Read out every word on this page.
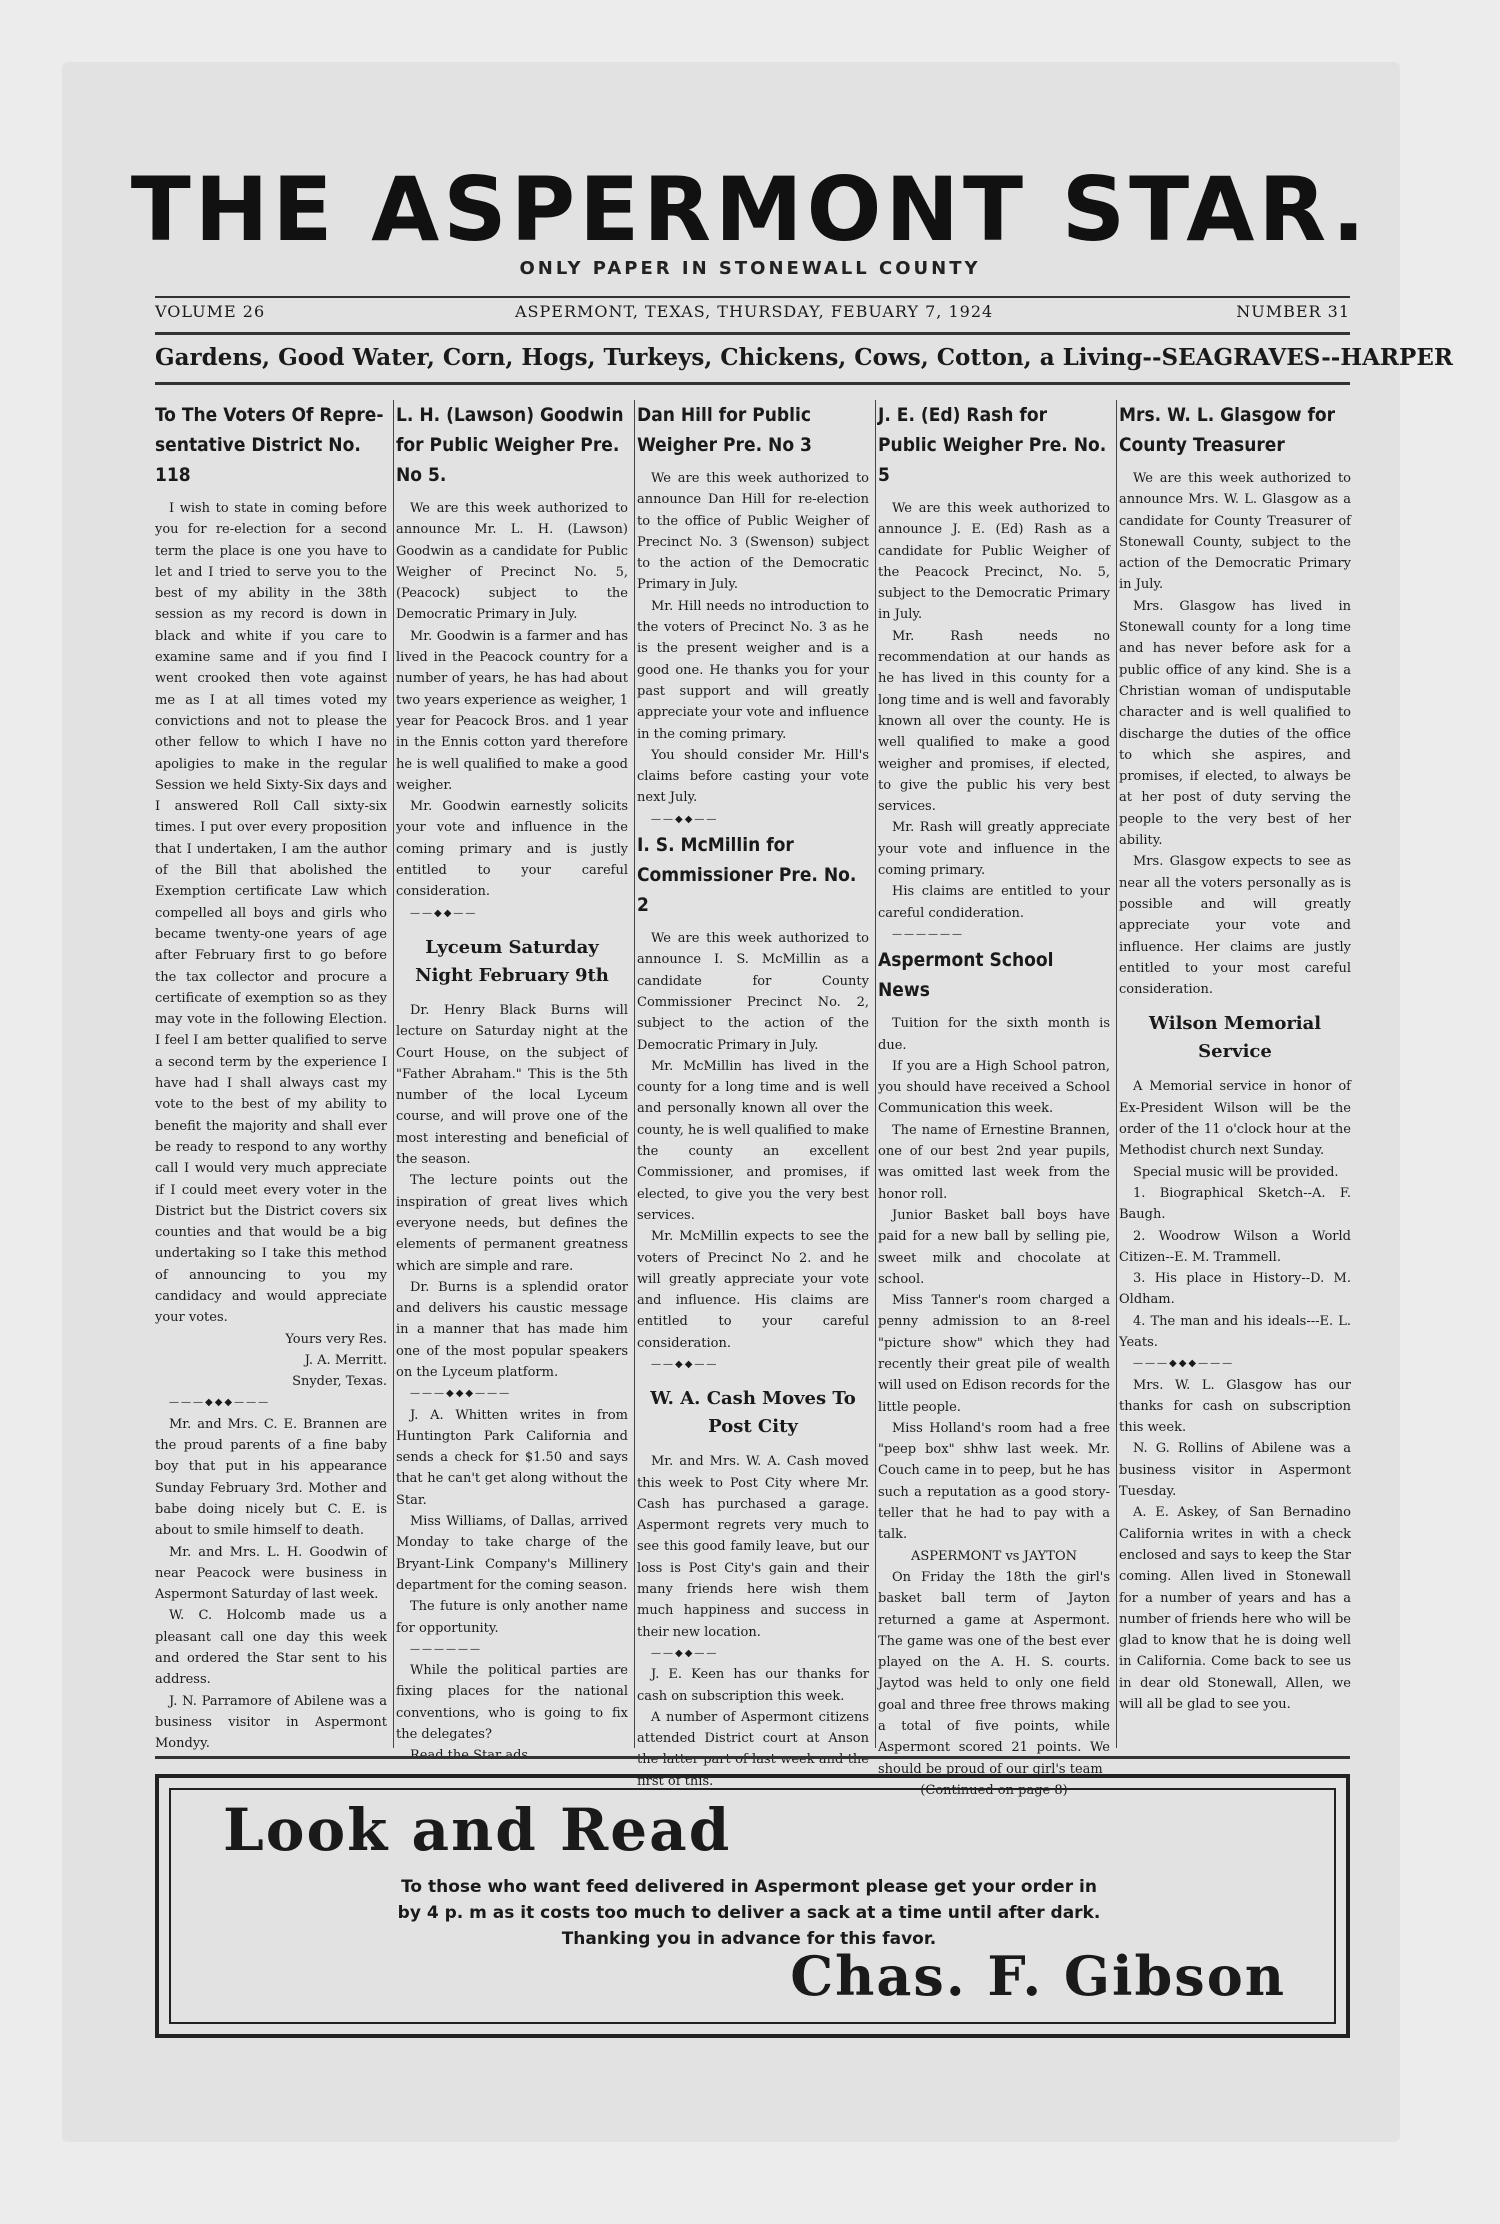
THE ASPERMONT STAR.
ONLY PAPER IN STONEWALL COUNTY
VOLUME 26	ASPERMONT, TEXAS, THURSDAY, FEBUARY 7, 1924	NUMBER 31
Gardens, Good Water, Corn, Hogs, Turkeys, Chickens, Cows, Cotton, a Living--SEAGRAVES--HARPER
To The Voters Of Repre- sentative District No. 118

I wish to state in coming before you for re-election for a second term the place is one you have to let and I tried to serve you to the best of my ability in the 38th session as my record is down in black and white if you care to examine same and if you find I went crooked then vote against me as I at all times voted my convictions and not to please the other fellow to which I have no apoligies to make in the regular Session we held Sixty-Six days and I answered Roll Call sixty-six times. I put over every proposition that I undertaken, I am the author of the Bill that abolished the Exemption certificate Law which compelled all boys and girls who became twenty-one years of age after February first to go before the tax collector and procure a certificate of exemption so as they may vote in the following Election. I feel I am better qualified to serve a second term by the experience I have had I shall always cast my vote to the best of my ability to benefit the majority and shall ever be ready to respond to any worthy call I would very much appreciate if I could meet every voter in the District but the District covers six counties and that would be a big undertaking so I take this method of announcing to you my candidacy and would appreciate your votes.

Yours very Res.

J. A. Merritt.

Snyder, Texas.

———◆◆◆———

Mr. and Mrs. C. E. Brannen are the proud parents of a fine baby boy that put in his appearance Sunday February 3rd. Mother and babe doing nicely but C. E. is about to smile himself to death.

Mr. and Mrs. L. H. Goodwin of near Peacock were business in Aspermont Saturday of last week.

W. C. Holcomb made us a pleasant call one day this week and ordered the Star sent to his address.

J. N. Parramore of Abilene was a business visitor in Aspermont Mondyy.

L. H. (Lawson) Goodwin for Public Weigher Pre. No 5.

We are this week authorized to announce Mr. L. H. (Lawson) Goodwin as a candidate for Public Weigher of Precinct No. 5, (Peacock) subject to the Democratic Primary in July.

Mr. Goodwin is a farmer and has lived in the Peacock country for a number of years, he has had about two years experience as weigher, 1 year for Peacock Bros. and 1 year in the Ennis cotton yard therefore he is well qualified to make a good weigher.

Mr. Goodwin earnestly solicits your vote and influence in the coming primary and is justly entitled to your careful consideration.

——◆◆——

Lyceum Saturday Night February 9th

Dr. Henry Black Burns will lecture on Saturday night at the Court House, on the subject of "Father Abraham." This is the 5th number of the local Lyceum course, and will prove one of the most interesting and beneficial of the season.

The lecture points out the inspiration of great lives which everyone needs, but defines the elements of permanent greatness which are simple and rare.

Dr. Burns is a splendid orator and delivers his caustic message in a manner that has made him one of the most popular speakers on the Lyceum platform.

———◆◆◆———

J. A. Whitten writes in from Huntington Park California and sends a check for $1.50 and says that he can't get along without the Star.

Miss Williams, of Dallas, arrived Monday to take charge of the Bryant-Link Company's Millinery department for the coming season.

The future is only another name for opportunity.

——————

While the political parties are fixing places for the national conventions, who is going to fix the delegates?

Read the Star ads.

Dan Hill for Public Weigher Pre. No 3

We are this week authorized to announce Dan Hill for re-election to the office of Public Weigher of Precinct No. 3 (Swenson) subject to the action of the Democratic Primary in July.

Mr. Hill needs no introduction to the voters of Precinct No. 3 as he is the present weigher and is a good one. He thanks you for your past support and will greatly appreciate your vote and influence in the coming primary.

You should consider Mr. Hill's claims before casting your vote next July.

——◆◆——

I. S. McMillin for Commissioner Pre. No. 2

We are this week authorized to announce I. S. McMillin as a candidate for County Commissioner Precinct No. 2, subject to the action of the Democratic Primary in July.

Mr. McMillin has lived in the county for a long time and is well and personally known all over the county, he is well qualified to make the county an excellent Commissioner, and promises, if elected, to give you the very best services.

Mr. McMillin expects to see the voters of Precinct No 2. and he will greatly appreciate your vote and influence. His claims are entitled to your careful consideration.

——◆◆——

W. A. Cash Moves To Post City

Mr. and Mrs. W. A. Cash moved this week to Post City where Mr. Cash has purchased a garage. Aspermont regrets very much to see this good family leave, but our loss is Post City's gain and their many friends here wish them much happiness and success in their new location.

——◆◆——

J. E. Keen has our thanks for cash on subscription this week.

A number of Aspermont citizens attended District court at Anson the latter part of last week and the first of this.

J. E. (Ed) Rash for Public Weigher Pre. No. 5

We are this week authorized to announce J. E. (Ed) Rash as a candidate for Public Weigher of the Peacock Precinct, No. 5, subject to the Democratic Primary in July.

Mr. Rash needs no recommendation at our hands as he has lived in this county for a long time and is well and favorably known all over the county. He is well qualified to make a good weigher and promises, if elected, to give the public his very best services.

Mr. Rash will greatly appreciate your vote and influence in the coming primary.

His claims are entitled to your careful condideration.

——————

Aspermont School News

Tuition for the sixth month is due.

If you are a High School patron, you should have received a School Communication this week.

The name of Ernestine Brannen, one of our best 2nd year pupils, was omitted last week from the honor roll.

Junior Basket ball boys have paid for a new ball by selling pie, sweet milk and chocolate at school.

Miss Tanner's room charged a penny admission to an 8-reel "picture show" which they had recently their great pile of wealth will used on Edison records for the little people.

Miss Holland's room had a free "peep box" shhw last week. Mr. Couch came in to peep, but he has such a reputation as a good story-teller that he had to pay with a talk.

ASPERMONT vs JAYTON

On Friday the 18th the girl's basket ball term of Jayton returned a game at Aspermont. The game was one of the best ever played on the A. H. S. courts. Jaytod was held to only one field goal and three free throws making a total of five points, while Aspermont scored 21 points. We should be proud of our girl's team

(Continued on page 8)

Mrs. W. L. Glasgow for County Treasurer

We are this week authorized to announce Mrs. W. L. Glasgow as a candidate for County Treasurer of Stonewall County, subject to the action of the Democratic Primary in July.

Mrs. Glasgow has lived in Stonewall county for a long time and has never before ask for a public office of any kind. She is a Christian woman of undisputable character and is well qualified to discharge the duties of the office to which she aspires, and promises, if elected, to always be at her post of duty serving the people to the very best of her ability.

Mrs. Glasgow expects to see as near all the voters personally as is possible and will greatly appreciate your vote and influence. Her claims are justly entitled to your most careful consideration.

Wilson Memorial Service

A Memorial service in honor of Ex-President Wilson will be the order of the 11 o'clock hour at the Methodist church next Sunday.

Special music will be provided.

1. Biographical Sketch--A. F. Baugh.

2. Woodrow Wilson a World Citizen--E. M. Trammell.

3. His place in History--D. M. Oldham.

4. The man and his ideals---E. L. Yeats.

———◆◆◆———

Mrs. W. L. Glasgow has our thanks for cash on subscription this week.

N. G. Rollins of Abilene was a business visitor in Aspermont Tuesday.

A. E. Askey, of San Bernadino California writes in with a check enclosed and says to keep the Star coming. Allen lived in Stonewall for a number of years and has a number of friends here who will be glad to know that he is doing well in California. Come back to see us in dear old Stonewall, Allen, we will all be glad to see you.

Look and Read
To those who want feed delivered in Aspermont please get your order in
by 4 p. m as it costs too much to deliver a sack at a time until after dark.
Thanking you in advance for this favor.
Chas. F. Gibson
